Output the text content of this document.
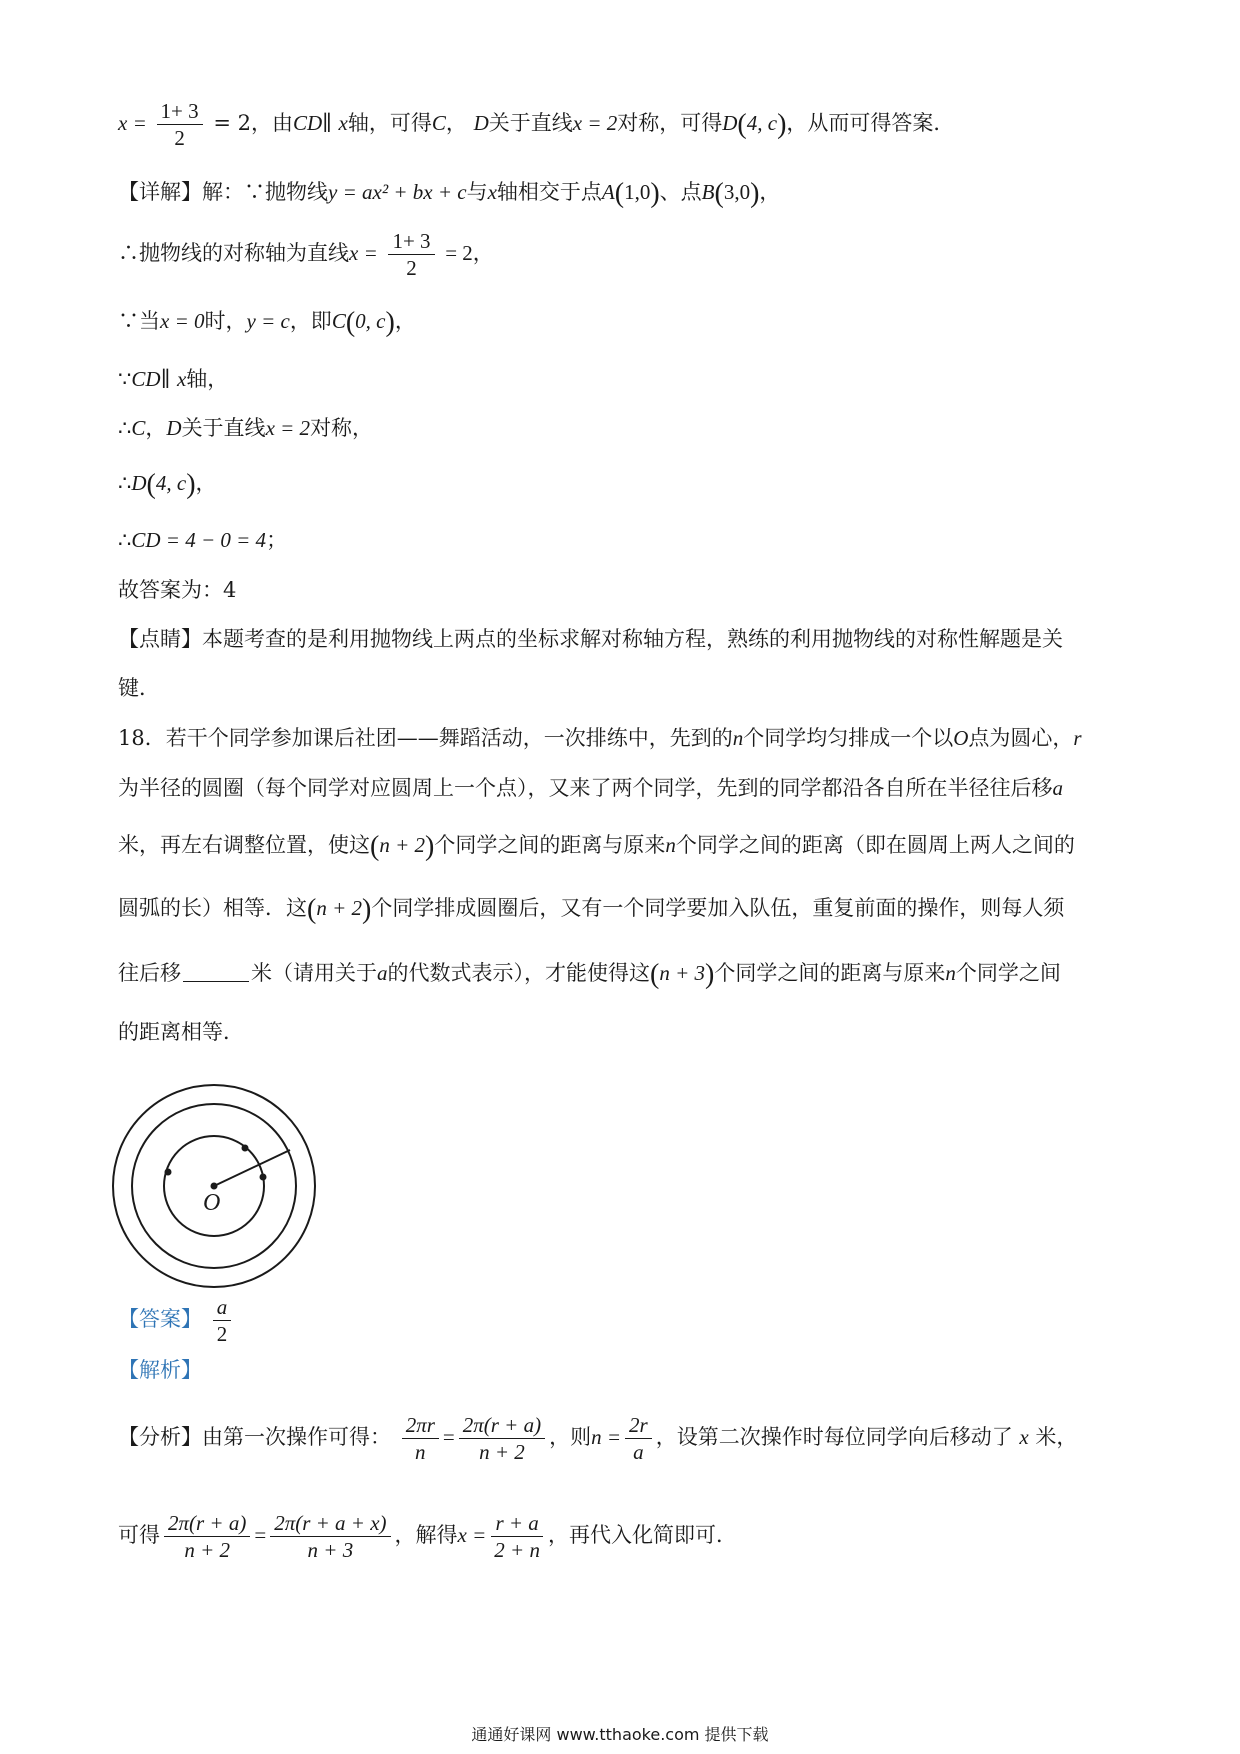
$x = \frac{1+ 3}{2} = 2$，由CD∥ x轴，可得C， D关于直线x = 2对称，可得D(4, c)，从而可得答案．
【详解】解：∵抛物线y = ax² + bx + c与x轴相交于点A(1,0)、点B(3,0)，
∴抛物线的对称轴为直线$x = \frac{1+ 3}{2} = 2$，
∵当x = 0时，y = c，即C(0, c)，
∵CD∥ x轴，
∴C，D关于直线x = 2对称，
∴D(4, c)，
∴CD = 4 − 0 = 4；
故答案为：4
【点睛】本题考查的是利用抛物线上两点的坐标求解对称轴方程，熟练的利用抛物线的对称性解题是关
键．
18．若干个同学参加课后社团——舞蹈活动，一次排练中，先到的n个同学均匀排成一个以O点为圆心，r
为半径的圆圈（每个同学对应圆周上一个点），又来了两个同学，先到的同学都沿各自所在半径往后移a
米，再左右调整位置，使这(n + 2)个同学之间的距离与原来n个同学之间的距离（即在圆周上两人之间的
圆弧的长）相等．这(n + 2)个同学排成圆圈后，又有一个同学要加入队伍，重复前面的操作，则每人须
往后移	米（请用关于a的代数式表示），才能使得这(n + 3)个同学之间的距离与原来n个同学之间
的距离相等．
O
【答案】 $\frac{a}{2}$
【解析】
【分析】由第一次操作可得： $\frac{2\pi r}{n} = \frac{2\pi(r + a)}{n + 2}$ ，则$n = \frac{2r}{a}$ ，设第二次操作时每位同学向后移动了 x 米，
可得 $\frac{2\pi(r + a)}{n + 2} = \frac{2\pi(r + a + x)}{n + 3}$ ，解得$x = \frac{r + a}{2 + n}$ ，再代入化简即可．
通通好课网 www.tthaoke.com 提供下载
